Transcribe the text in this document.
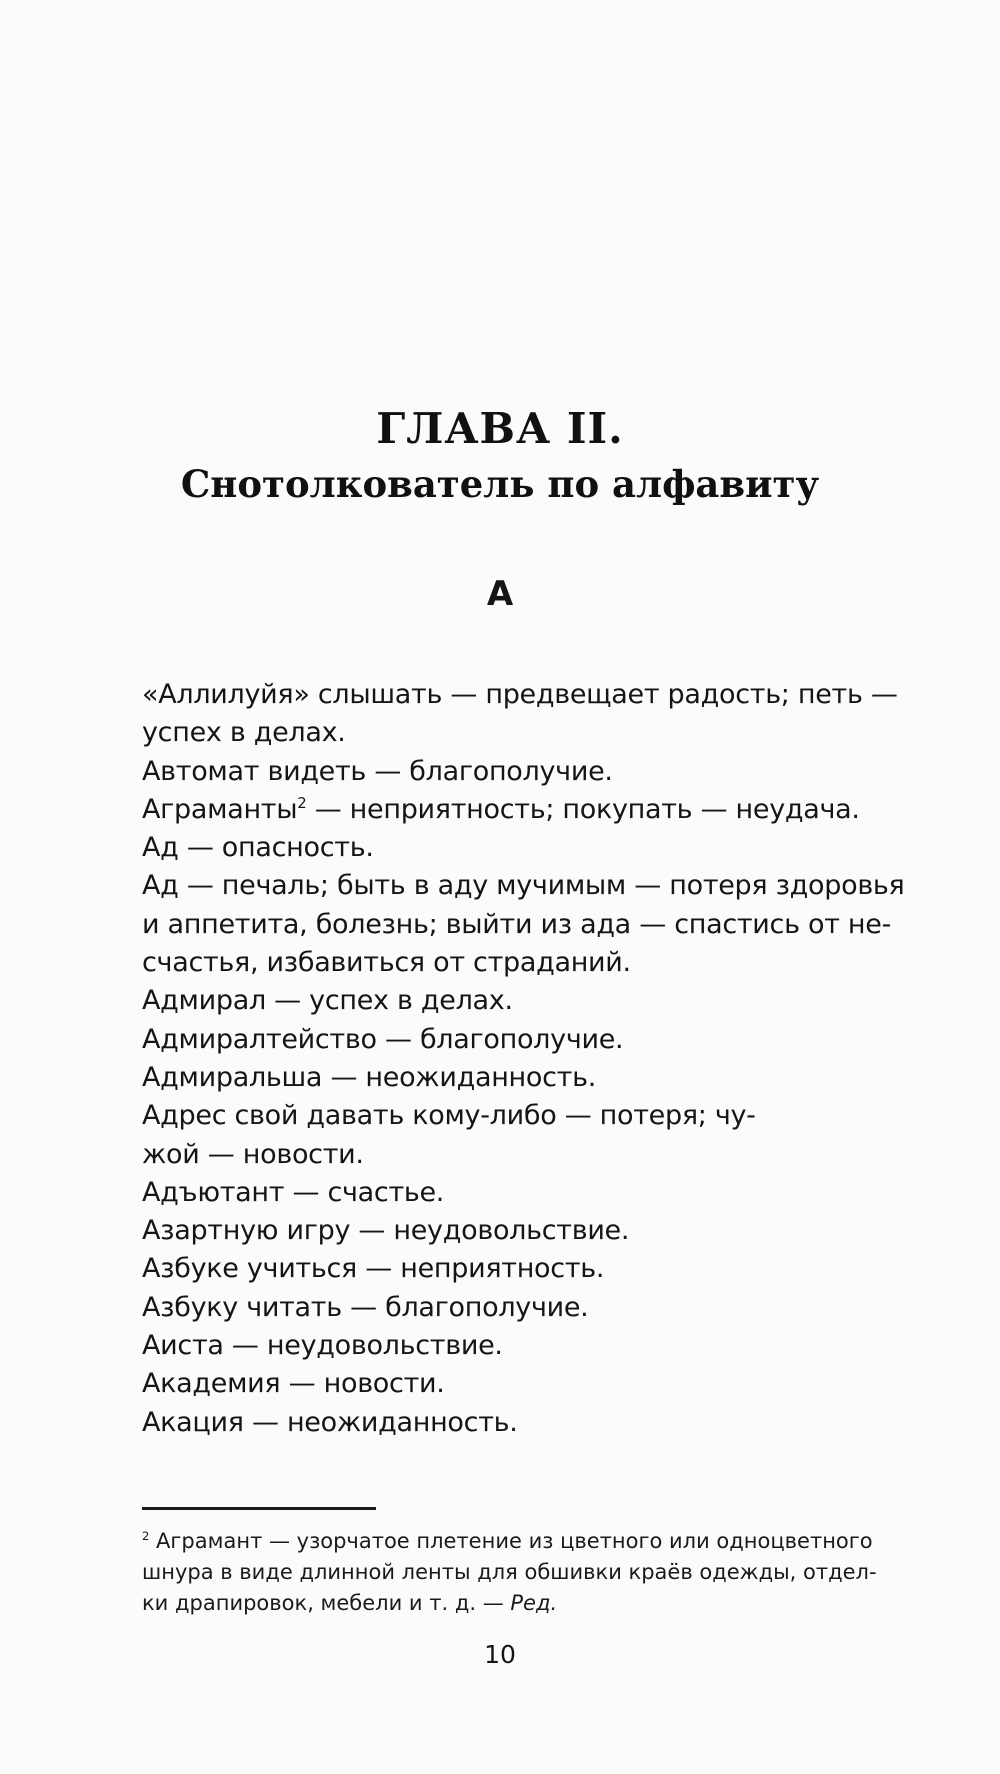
ГЛАВА II.
Снотолкователь по алфавиту
А
«Аллилуйя» слышать — предвещает радость; петь —
успех в делах.
Автомат видеть — благополучие.
Аграманты$^2$ — неприятность; покупать — неудача.
Ад — опасность.
Ад — печаль; быть в аду мучимым — потеря здоровья
и аппетита, болезнь; выйти из ада — спастись от не-
счастья, избавиться от страданий.
Адмирал — успех в делах.
Адмиралтейство — благополучие.
Адмиральша — неожиданность.
Адрес свой давать кому-либо — потеря; чу-
жой — новости.
Адъютант — счастье.
Азартную игру — неудовольствие.
Азбуке учиться — неприятность.
Азбуку читать — благополучие.
Аиста — неудовольствие.
Академия — новости.
Акация — неожиданность.
$^2$ Аграмант — узорчатое плетение из цветного или одноцветного
шнура в виде длинной ленты для обшивки краёв одежды, отдел-
ки драпировок, мебели и т. д. — Ред.
10
